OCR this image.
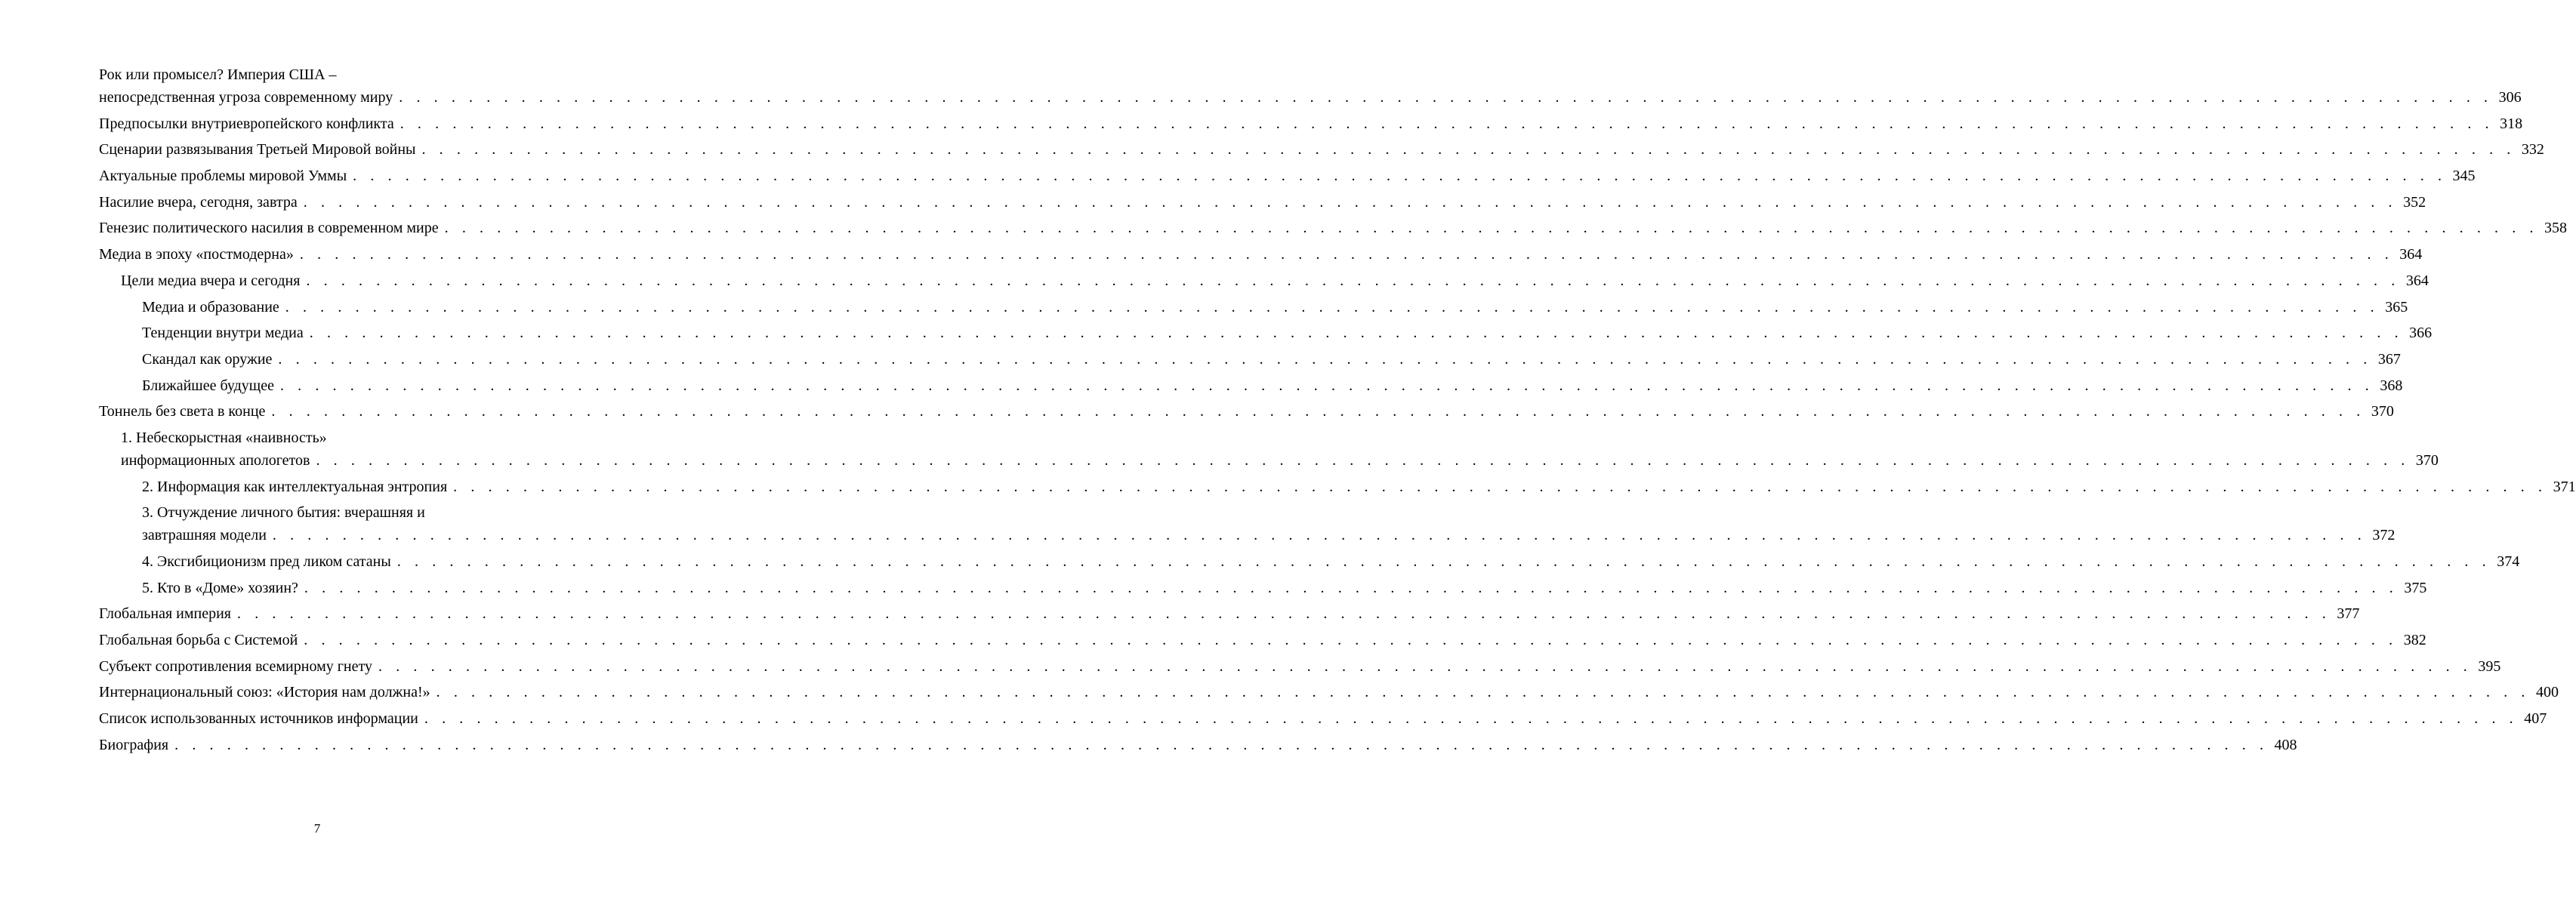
Рок или промысел? Империя США –
непосредственная угроза современному миру . . . . . . . . . . . . . . . . . . . . . . . . . . . . . . . . . . . . . . . . . . . . . . . . . . . . . . . . . . . . . . . . . . . . . . . . . . . . . . . . . . . . . . . . . . . . . . . . . . . . . . . . . . . . . . . . . . . . . . . . 306
Предпосылки внутриевропейского конфликта . . . . . . . . . . . . . . . . . . . . . . . . . . . . . . . . . . . . . . . . . . . . . . . . . . . . . . . . . . . . . . . . . . . . . . . . . . . . . . . . . . . . . . . . . . . . . . . . . . . . . . . . . . . . . . . . . . . . . . . . 318
Сценарии развязывания Третьей Мировой войны . . . . . . . . . . . . . . . . . . . . . . . . . . . . . . . . . . . . . . . . . . . . . . . . . . . . . . . . . . . . . . . . . . . . . . . . . . . . . . . . . . . . . . . . . . . . . . . . . . . . . . . . . . . . . . . . . . . . . . . . 332
Актуальные проблемы мировой Уммы . . . . . . . . . . . . . . . . . . . . . . . . . . . . . . . . . . . . . . . . . . . . . . . . . . . . . . . . . . . . . . . . . . . . . . . . . . . . . . . . . . . . . . . . . . . . . . . . . . . . . . . . . . . . . . . . . . . . . . . . 345
Насилие вчера, сегодня, завтра . . . . . . . . . . . . . . . . . . . . . . . . . . . . . . . . . . . . . . . . . . . . . . . . . . . . . . . . . . . . . . . . . . . . . . . . . . . . . . . . . . . . . . . . . . . . . . . . . . . . . . . . . . . . . . . . . . . . . . . . 352
Генезис политического насилия в современном мире . . . . . . . . . . . . . . . . . . . . . . . . . . . . . . . . . . . . . . . . . . . . . . . . . . . . . . . . . . . . . . . . . . . . . . . . . . . . . . . . . . . . . . . . . . . . . . . . . . . . . . . . . . . . . . . . . . . . . . . . 358
Медиа в эпоху «постмодерна» . . . . . . . . . . . . . . . . . . . . . . . . . . . . . . . . . . . . . . . . . . . . . . . . . . . . . . . . . . . . . . . . . . . . . . . . . . . . . . . . . . . . . . . . . . . . . . . . . . . . . . . . . . . . . . . . . . . . . . . . 364
Цели медиа вчера и сегодня . . . . . . . . . . . . . . . . . . . . . . . . . . . . . . . . . . . . . . . . . . . . . . . . . . . . . . . . . . . . . . . . . . . . . . . . . . . . . . . . . . . . . . . . . . . . . . . . . . . . . . . . . . . . . . . . . . . . . . . . 364
Медиа и образование . . . . . . . . . . . . . . . . . . . . . . . . . . . . . . . . . . . . . . . . . . . . . . . . . . . . . . . . . . . . . . . . . . . . . . . . . . . . . . . . . . . . . . . . . . . . . . . . . . . . . . . . . . . . . . . . . . . . . . . . 365
Тенденции внутри медиа . . . . . . . . . . . . . . . . . . . . . . . . . . . . . . . . . . . . . . . . . . . . . . . . . . . . . . . . . . . . . . . . . . . . . . . . . . . . . . . . . . . . . . . . . . . . . . . . . . . . . . . . . . . . . . . . . . . . . . . . 366
Скандал как оружие . . . . . . . . . . . . . . . . . . . . . . . . . . . . . . . . . . . . . . . . . . . . . . . . . . . . . . . . . . . . . . . . . . . . . . . . . . . . . . . . . . . . . . . . . . . . . . . . . . . . . . . . . . . . . . . . . . . . . . . . 367
Ближайшее будущее . . . . . . . . . . . . . . . . . . . . . . . . . . . . . . . . . . . . . . . . . . . . . . . . . . . . . . . . . . . . . . . . . . . . . . . . . . . . . . . . . . . . . . . . . . . . . . . . . . . . . . . . . . . . . . . . . . . . . . . . 368
Тоннель без света в конце . . . . . . . . . . . . . . . . . . . . . . . . . . . . . . . . . . . . . . . . . . . . . . . . . . . . . . . . . . . . . . . . . . . . . . . . . . . . . . . . . . . . . . . . . . . . . . . . . . . . . . . . . . . . . . . . . . . . . . . . 370
1. Небескорыстная «наивность»
информационных апологетов . . . . . . . . . . . . . . . . . . . . . . . . . . . . . . . . . . . . . . . . . . . . . . . . . . . . . . . . . . . . . . . . . . . . . . . . . . . . . . . . . . . . . . . . . . . . . . . . . . . . . . . . . . . . . . . . . . . . . . . . 370
2. Информация как интеллектуальная энтропия . . . . . . . . . . . . . . . . . . . . . . . . . . . . . . . . . . . . . . . . . . . . . . . . . . . . . . . . . . . . . . . . . . . . . . . . . . . . . . . . . . . . . . . . . . . . . . . . . . . . . . . . . . . . . . . . . . . . . . . . 371
3. Отчуждение личного бытия: вчерашняя и
завтрашняя модели . . . . . . . . . . . . . . . . . . . . . . . . . . . . . . . . . . . . . . . . . . . . . . . . . . . . . . . . . . . . . . . . . . . . . . . . . . . . . . . . . . . . . . . . . . . . . . . . . . . . . . . . . . . . . . . . . . . . . . . . 372
4. Эксгибиционизм пред ликом сатаны . . . . . . . . . . . . . . . . . . . . . . . . . . . . . . . . . . . . . . . . . . . . . . . . . . . . . . . . . . . . . . . . . . . . . . . . . . . . . . . . . . . . . . . . . . . . . . . . . . . . . . . . . . . . . . . . . . . . . . . . 374
5. Кто в «Доме» хозяин? . . . . . . . . . . . . . . . . . . . . . . . . . . . . . . . . . . . . . . . . . . . . . . . . . . . . . . . . . . . . . . . . . . . . . . . . . . . . . . . . . . . . . . . . . . . . . . . . . . . . . . . . . . . . . . . . . . . . . . . . 375
Глобальная империя . . . . . . . . . . . . . . . . . . . . . . . . . . . . . . . . . . . . . . . . . . . . . . . . . . . . . . . . . . . . . . . . . . . . . . . . . . . . . . . . . . . . . . . . . . . . . . . . . . . . . . . . . . . . . . . . . . . . . . . . 377
Глобальная борьба с Системой . . . . . . . . . . . . . . . . . . . . . . . . . . . . . . . . . . . . . . . . . . . . . . . . . . . . . . . . . . . . . . . . . . . . . . . . . . . . . . . . . . . . . . . . . . . . . . . . . . . . . . . . . . . . . . . . . . . . . . . . 382
Субъект сопротивления всемирному гнету . . . . . . . . . . . . . . . . . . . . . . . . . . . . . . . . . . . . . . . . . . . . . . . . . . . . . . . . . . . . . . . . . . . . . . . . . . . . . . . . . . . . . . . . . . . . . . . . . . . . . . . . . . . . . . . . . . . . . . . . 395
Интернациональный союз: «История нам должна!» . . . . . . . . . . . . . . . . . . . . . . . . . . . . . . . . . . . . . . . . . . . . . . . . . . . . . . . . . . . . . . . . . . . . . . . . . . . . . . . . . . . . . . . . . . . . . . . . . . . . . . . . . . . . . . . . . . . . . . . . 400
Список использованных источников информации . . . . . . . . . . . . . . . . . . . . . . . . . . . . . . . . . . . . . . . . . . . . . . . . . . . . . . . . . . . . . . . . . . . . . . . . . . . . . . . . . . . . . . . . . . . . . . . . . . . . . . . . . . . . . . . . . . . . . . . . 407
Биография . . . . . . . . . . . . . . . . . . . . . . . . . . . . . . . . . . . . . . . . . . . . . . . . . . . . . . . . . . . . . . . . . . . . . . . . . . . . . . . . . . . . . . . . . . . . . . . . . . . . . . . . . . . . . . . . . . . . . . . . 408
7
